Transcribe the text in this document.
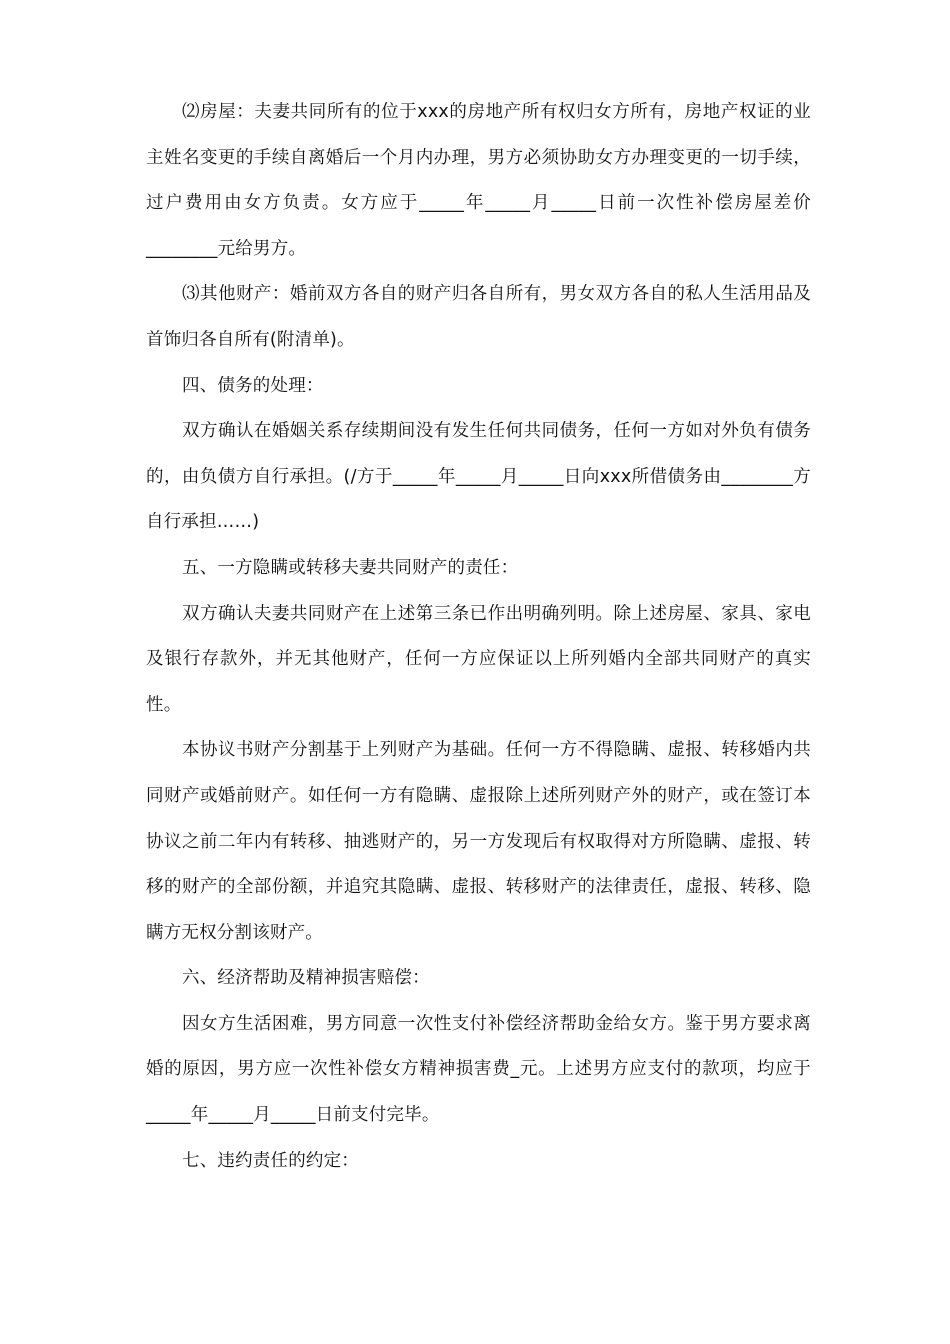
⑵房屋：夫妻共同所有的位于xxx的房地产所有权归女方所有，房地产权证的业主姓名变更的手续自离婚后一个月内办理，男方必须协助女方办理变更的一切手续，过户费用由女方负责。女方应于_____年_____月_____日前一次性补偿房屋差价________元给男方。

⑶其他财产：婚前双方各自的财产归各自所有，男女双方各自的私人生活用品及首饰归各自所有(附清单)。

四、债务的处理：

双方确认在婚姻关系存续期间没有发生任何共同债务，任何一方如对外负有债务的，由负债方自行承担。(/方于_____年_____月_____日向xxx所借债务由________方自行承担……)

五、一方隐瞒或转移夫妻共同财产的责任：

双方确认夫妻共同财产在上述第三条已作出明确列明。除上述房屋、家具、家电及银行存款外，并无其他财产，任何一方应保证以上所列婚内全部共同财产的真实性。

本协议书财产分割基于上列财产为基础。任何一方不得隐瞒、虚报、转移婚内共同财产或婚前财产。如任何一方有隐瞒、虚报除上述所列财产外的财产，或在签订本协议之前二年内有转移、抽逃财产的，另一方发现后有权取得对方所隐瞒、虚报、转移的财产的全部份额，并追究其隐瞒、虚报、转移财产的法律责任，虚报、转移、隐瞒方无权分割该财产。

六、经济帮助及精神损害赔偿：

因女方生活困难，男方同意一次性支付补偿经济帮助金给女方。鉴于男方要求离婚的原因，男方应一次性补偿女方精神损害费_元。上述男方应支付的款项，均应于_____年_____月_____日前支付完毕。

七、违约责任的约定：
